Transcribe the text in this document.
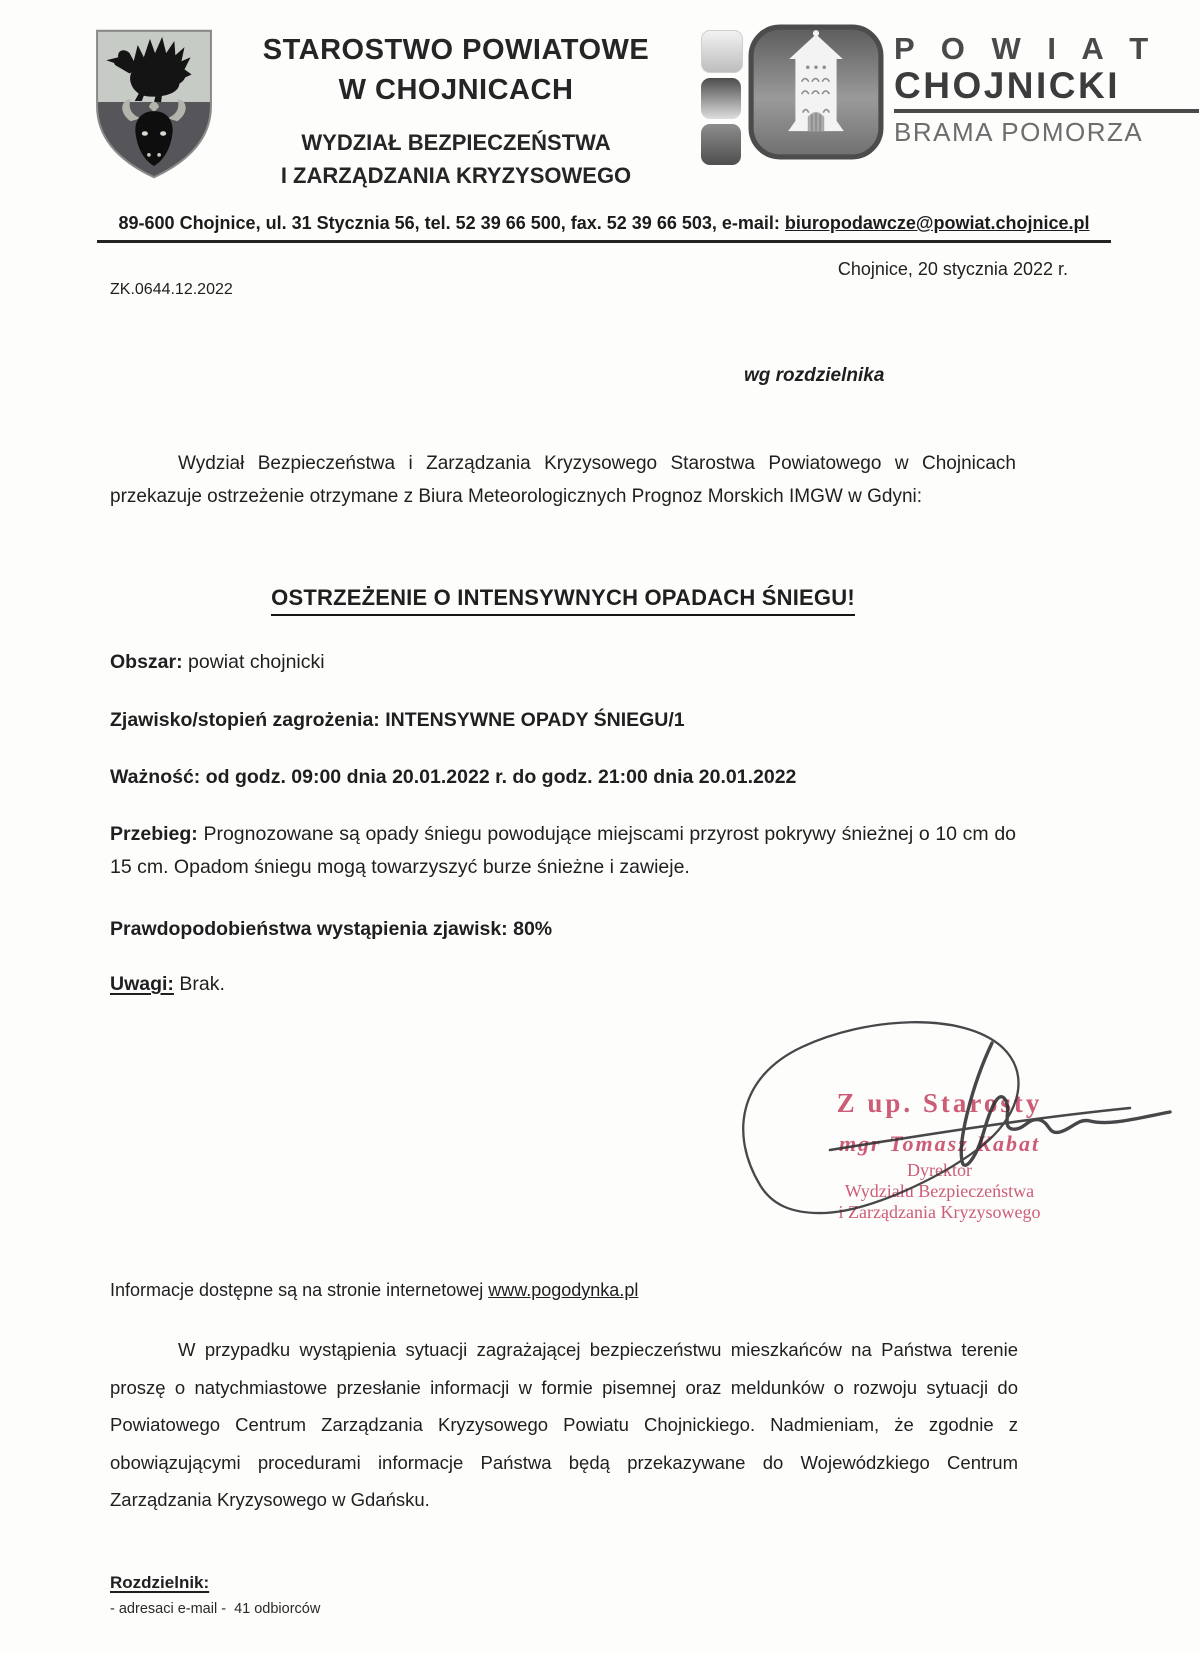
STAROSTWO POWIATOWE
W CHOJNICACH
WYDZIAŁ BEZPIECZEŃSTWA
I ZARZĄDZANIA KRYZYSOWEGO
P O W I A T
CHOJNICKI
BRAMA POMORZA
89-600 Chojnice, ul. 31 Stycznia 56, tel. 52 39 66 500, fax. 52 39 66 503, e-mail: biuropodawcze@powiat.chojnice.pl
Chojnice, 20 stycznia 2022 r.
ZK.0644.12.2022
wg rozdzielnika
Wydział Bezpieczeństwa i Zarządzania Kryzysowego Starostwa Powiatowego w Chojnicach przekazuje ostrzeżenie otrzymane z Biura Meteorologicznych Prognoz Morskich IMGW w Gdyni:
OSTRZEŻENIE O INTENSYWNYCH OPADACH ŚNIEGU!
Obszar: powiat chojnicki
Zjawisko/stopień zagrożenia: INTENSYWNE OPADY ŚNIEGU/1
Ważność: od godz. 09:00 dnia 20.01.2022 r. do godz. 21:00 dnia 20.01.2022
Przebieg: Prognozowane są opady śniegu powodujące miejscami przyrost pokrywy śnieżnej o 10 cm do 15 cm. Opadom śniegu mogą towarzyszyć burze śnieżne i zawieje.
Prawdopodobieństwa wystąpienia zjawisk: 80%
Uwagi: Brak.
Z up. Starosty
mgr Tomasz Kabat
Dyrektor
Wydziału Bezpieczeństwa
i Zarządzania Kryzysowego
Informacje dostępne są na stronie internetowej www.pogodynka.pl
W przypadku wystąpienia sytuacji zagrażającej bezpieczeństwu mieszkańców na Państwa terenie proszę o natychmiastowe przesłanie informacji w formie pisemnej oraz meldunków o rozwoju sytuacji do Powiatowego Centrum Zarządzania Kryzysowego Powiatu Chojnickiego. Nadmieniam, że zgodnie z obowiązującymi procedurami informacje Państwa będą przekazywane do Wojewódzkiego Centrum Zarządzania Kryzysowego w Gdańsku.
Rozdzielnik:
- adresaci e-mail -  41 odbiorców
